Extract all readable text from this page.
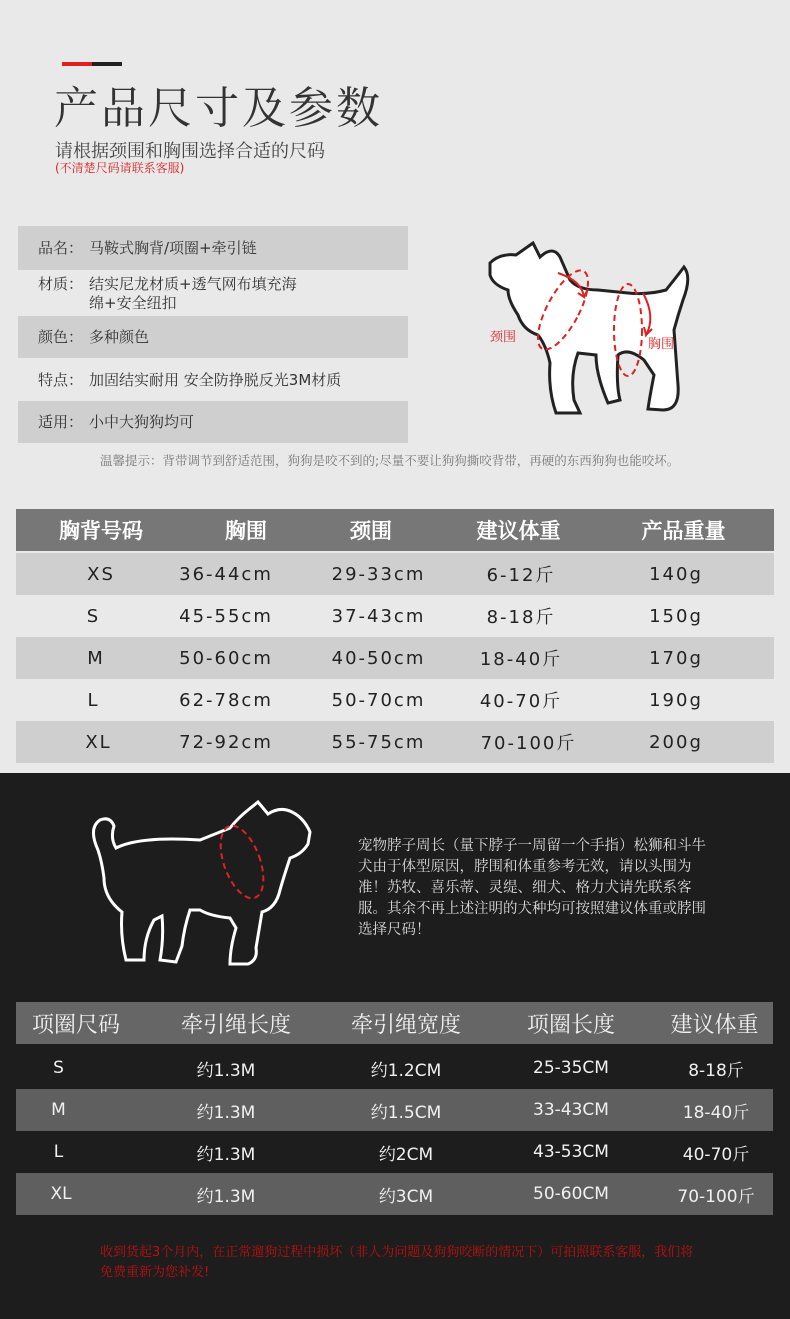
产品尺寸及参数
请根据颈围和胸围选择合适的尺码
(不清楚尺码请联系客服)
品名： 马鞍式胸背/项圈+牵引链
材质： 结实尼龙材质+透气网布填充海
绵+安全纽扣
颜色： 多种颜色
特点： 加固结实耐用 安全防挣脱反光3M材质
适用： 小中大狗狗均可
颈围	胸围
温馨提示：背带调节到舒适范围，狗狗是咬不到的;尽量不要让狗狗撕咬背带，再硬的东西狗狗也能咬坏。
胸背号码	胸围	颈围	建议体重	产品重量
XS	36-44cm	29-33cm	6-12斤	140g
S	45-55cm	37-43cm	8-18斤	150g
M	50-60cm	40-50cm	18-40斤	170g
L	62-78cm	50-70cm	40-70斤	190g
XL	72-92cm	55-75cm	70-100斤	200g
宠物脖子周长（量下脖子一周留一个手指）松狮和斗牛犬由于体型原因，脖围和体重参考无效，请以头围为准！苏牧、喜乐蒂、灵缇、细犬、格力犬请先联系客服。其余不再上述注明的犬种均可按照建议体重或脖围选择尺码！
项圈尺码	牵引绳长度	牵引绳宽度	项圈长度	建议体重
S	约1.3M	约1.2CM	25-35CM	8-18斤
M	约1.3M	约1.5CM	33-43CM	18-40斤
L	约1.3M	约2CM	43-53CM	40-70斤
XL	约1.3M	约3CM	50-60CM	70-100斤
收到货起3个月内，在正常遛狗过程中损坏（非人为问题及狗狗咬断的情况下）可拍照联系客服，我们将免费重新为您补发!
